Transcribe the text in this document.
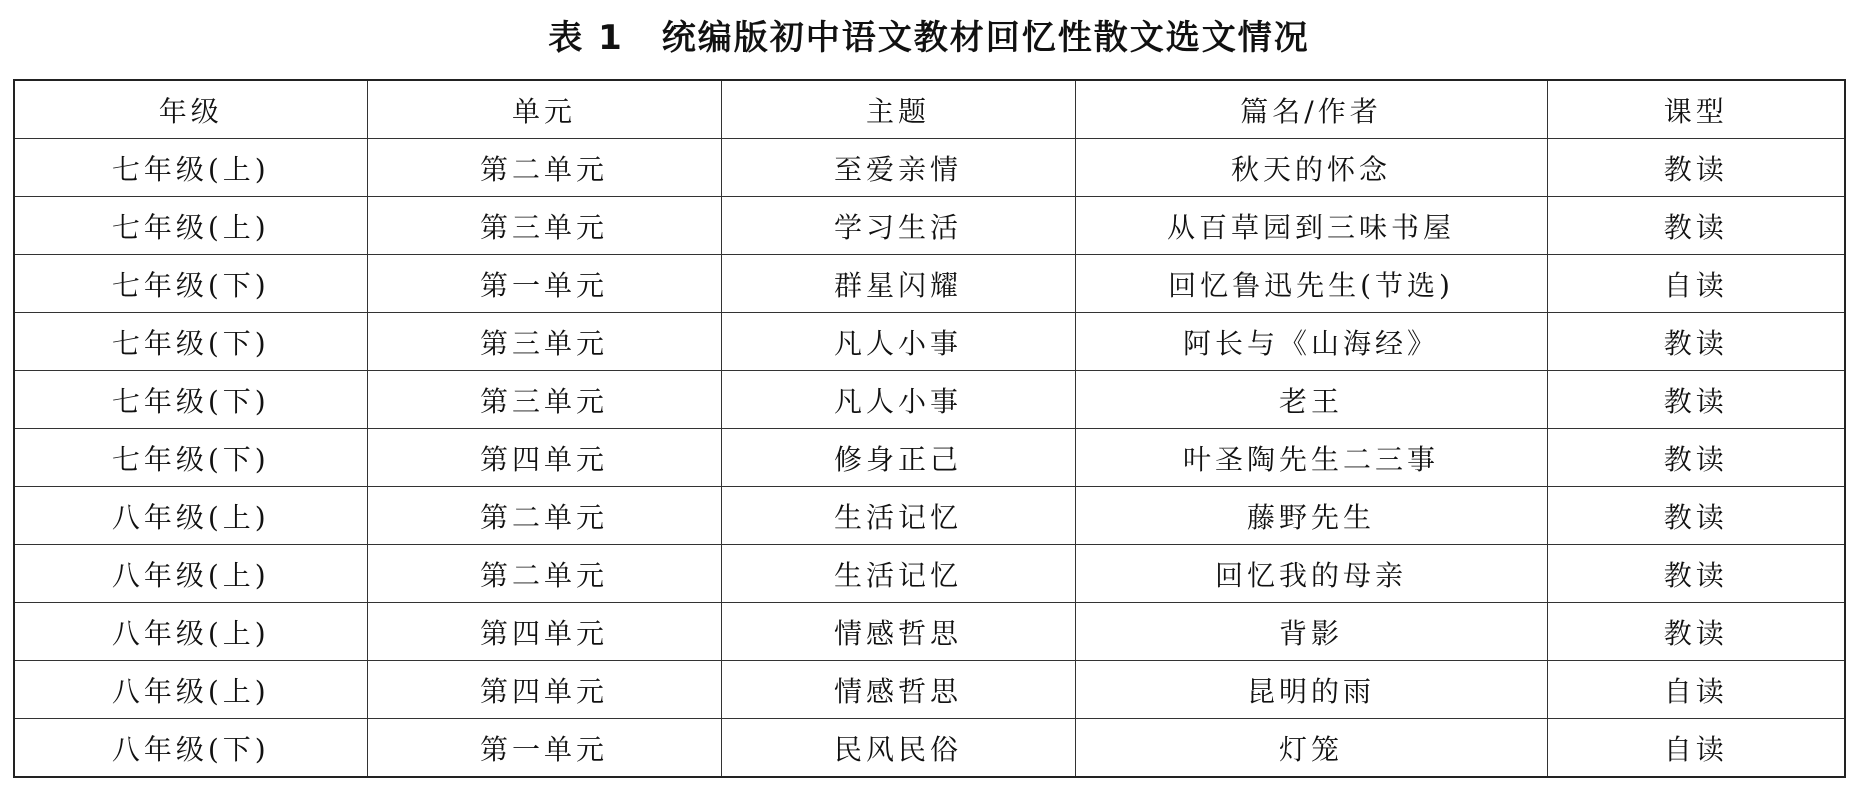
表 1 统编版初中语文教材回忆性散文选文情况
年级	单元	主题	篇名/作者	课型
七年级(上)	第二单元	至爱亲情	秋天的怀念	教读
七年级(上)	第三单元	学习生活	从百草园到三味书屋	教读
七年级(下)	第一单元	群星闪耀	回忆鲁迅先生(节选)	自读
七年级(下)	第三单元	凡人小事	阿长与《山海经》	教读
七年级(下)	第三单元	凡人小事	老王	教读
七年级(下)	第四单元	修身正己	叶圣陶先生二三事	教读
八年级(上)	第二单元	生活记忆	藤野先生	教读
八年级(上)	第二单元	生活记忆	回忆我的母亲	教读
八年级(上)	第四单元	情感哲思	背影	教读
八年级(上)	第四单元	情感哲思	昆明的雨	自读
八年级(下)	第一单元	民风民俗	灯笼	自读
